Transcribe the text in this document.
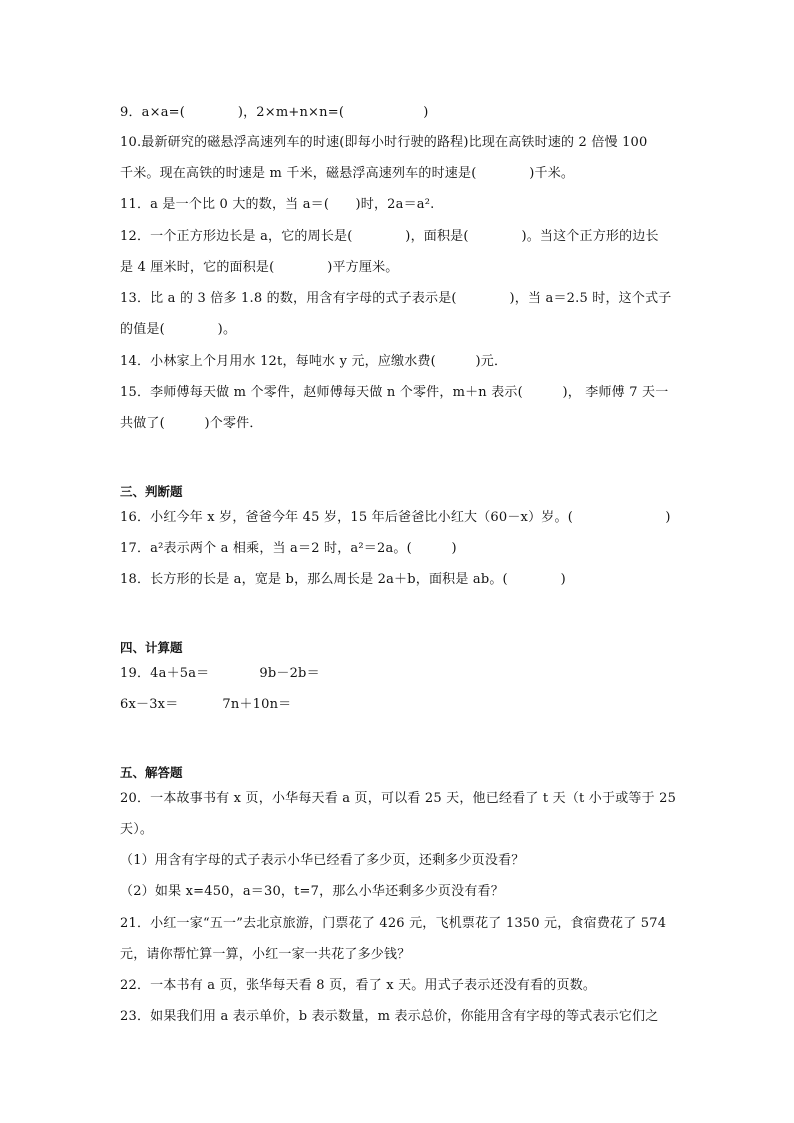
9．a×a=(　　　　)，2×m+n×n=(　　　　　　)
10.最新研究的磁悬浮高速列车的时速(即每小时行驶的路程)比现在高铁时速的 2 倍慢 100
千米。现在高铁的时速是 m 千米，磁悬浮高速列车的时速是(　　　　)千米。
11．a 是一个比 0 大的数，当 a＝(　　)时，2a＝a².
12．一个正方形边长是 a，它的周长是(　　　　)，面积是(　　　　)。当这个正方形的边长
是 4 厘米时，它的面积是(　　　　)平方厘米。
13．比 a 的 3 倍多 1.8 的数，用含有字母的式子表示是(　　　　)，当 a＝2.5 时，这个式子
的值是(　　　　)。
14．小林家上个月用水 12t，每吨水 y 元，应缴水费(　　　)元．
15．李师傅每天做 m 个零件，赵师傅每天做 n 个零件，m＋n 表示(　　　)， 李师傅 7 天一
共做了(　　　)个零件．
三、判断题
16．小红今年 x 岁，爸爸今年 45 岁，15 年后爸爸比小红大（60－x）岁。(　　　　　　　)
17．a²表示两个 a 相乘，当 a＝2 时，a²＝2a。(　　　)
18．长方形的长是 a，宽是 b，那么周长是 2a＋b，面积是 ab。(　　　　)
四、计算题
19．4a＋5a＝	9b－2b＝
6x－3x＝	7n＋10n＝
五、解答题
20．一本故事书有 x 页，小华每天看 a 页，可以看 25 天，他已经看了 t 天（t 小于或等于 25
天）。
（1）用含有字母的式子表示小华已经看了多少页，还剩多少页没看？
（2）如果 x=450，a＝30，t=7，那么小华还剩多少页没有看？
21．小红一家“五一”去北京旅游，门票花了 426 元，飞机票花了 1350 元，食宿费花了 574
元，请你帮忙算一算，小红一家一共花了多少钱？
22．一本书有 a 页，张华每天看 8 页，看了 x 天。用式子表示还没有看的页数。
23．如果我们用 a 表示单价，b 表示数量，m 表示总价，你能用含有字母的等式表示它们之
